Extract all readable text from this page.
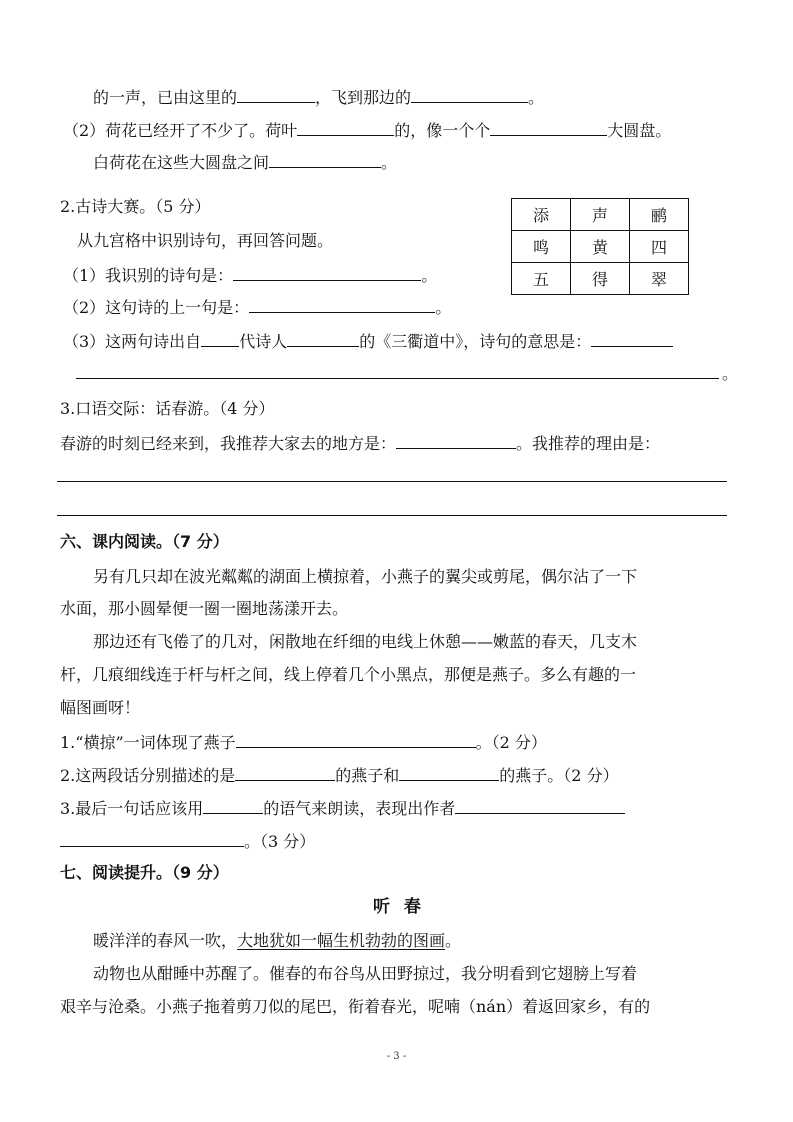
的一声，已由这里的	，飞到那边的	。
（2）荷花已经开了不少了。荷叶	的，像一个个	大圆盘。
白荷花在这些大圆盘之间	。
2.古诗大赛。（5 分）
从九宫格中识别诗句，再回答问题。
（1）我识别的诗句是：	。
（2）这句诗的上一句是：	。
（3）这两句诗出自 代诗人	的《三衢道中》，诗句的意思是：
。
添	声	鹂
鸣	黄	四
五	得	翠
3.口语交际：话春游。（4 分）
春游的时刻已经来到，我推荐大家去的地方是：	。我推荐的理由是：
六、课内阅读。（7 分）
另有几只却在波光粼粼的湖面上横掠着，小燕子的翼尖或剪尾，偶尔沾了一下
水面，那小圆晕便一圈一圈地荡漾开去。
那边还有飞倦了的几对，闲散地在纤细的电线上休憩——嫩蓝的春天，几支木
杆，几痕细线连于杆与杆之间，线上停着几个小黑点，那便是燕子。多么有趣的一
幅图画呀！
1.“横掠”一词体现了燕子	。（2 分）
2.这两段话分别描述的是	的燕子和	的燕子。（2 分）
3.最后一句话应该用	的语气来朗读，表现出作者
。（3 分）
七、阅读提升。（9 分）
听 春
暖洋洋的春风一吹，大地犹如一幅生机勃勃的图画。
动物也从酣睡中苏醒了。催春的布谷鸟从田野掠过，我分明看到它翅膀上写着
艰辛与沧桑。小燕子拖着剪刀似的尾巴，衔着春光，呢喃（nán）着返回家乡，有的
- 3 -
